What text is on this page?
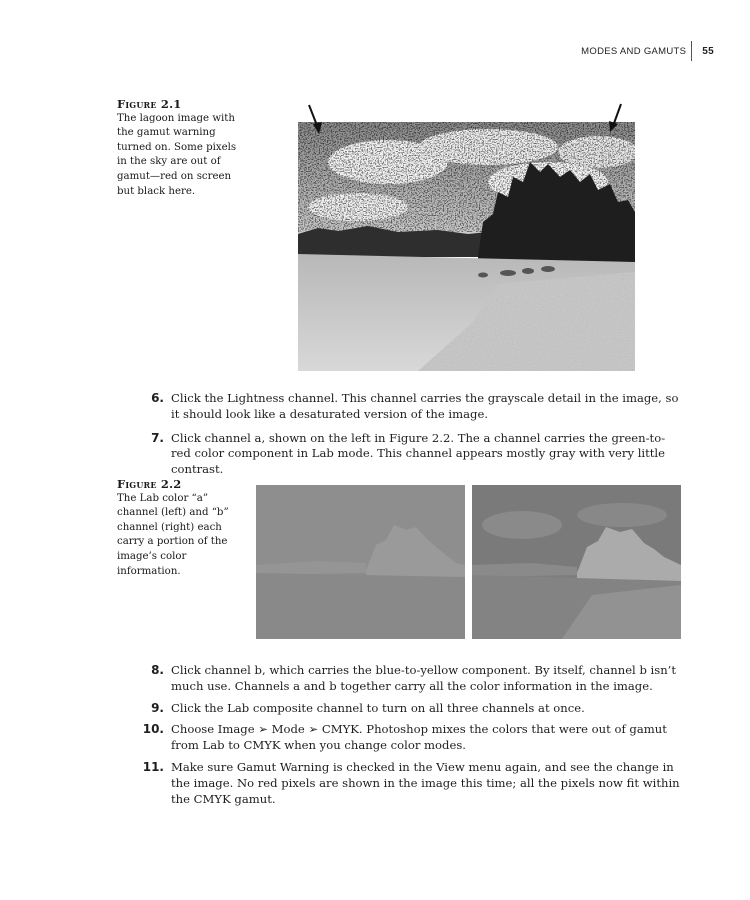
MODES AND GAMUTS 55
Figure 2.1
The lagoon image with the gamut warning turned on. Some pixels in the sky are out of gamut—red on screen but black here.
6. Click the Lightness channel. This channel carries the grayscale detail in the image, so it should look like a desaturated version of the image.
7. Click channel a, shown on the left in Figure 2.2. The a channel carries the green-to-red color component in Lab mode. This channel appears mostly gray with very little contrast.
Figure 2.2
The Lab color “a” channel (left) and “b” channel (right) each carry a portion of the image’s color information.
8. Click channel b, which carries the blue-to-yellow component. By itself, channel b isn’t much use. Channels a and b together carry all the color information in the image.
9. Click the Lab composite channel to turn on all three channels at once.
10. Choose Image ➢ Mode ➢ CMYK. Photoshop mixes the colors that were out of gamut from Lab to CMYK when you change color modes.
11. Make sure Gamut Warning is checked in the View menu again, and see the change in the image. No red pixels are shown in the image this time; all the pixels now fit within the CMYK gamut.
